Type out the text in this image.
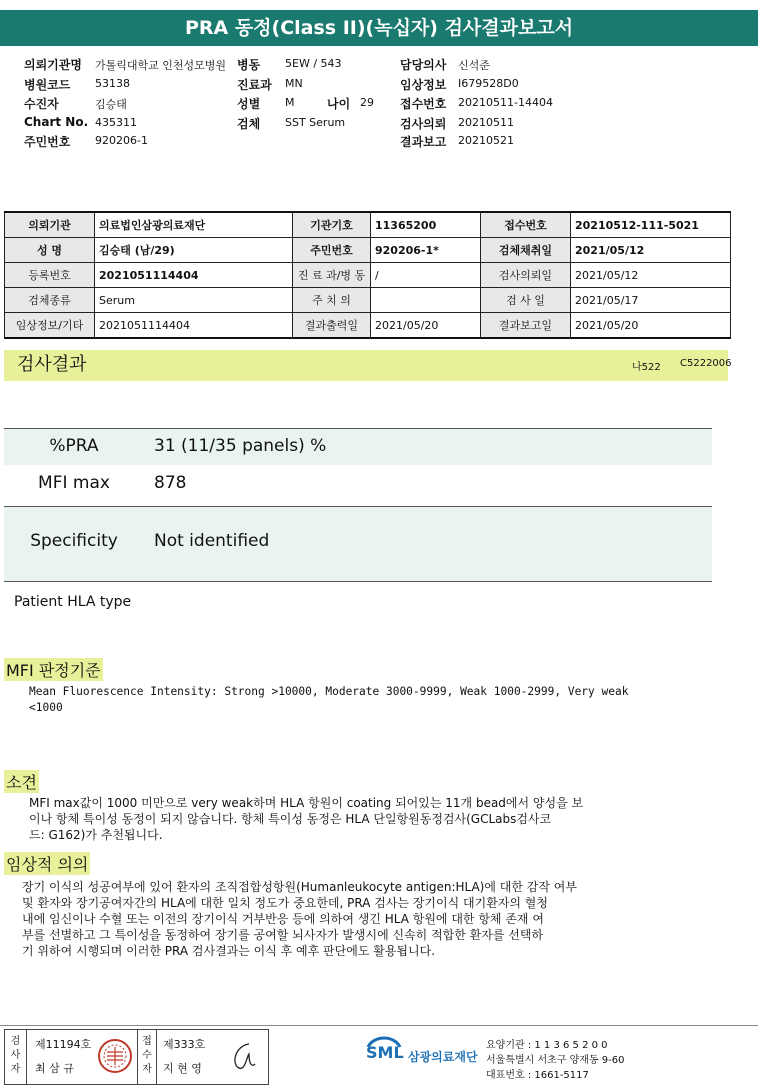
PRA 동정(Class II)(녹십자) 검사결과보고서
의뢰기관명 가톨릭대학교 인천성모병원
병원코드 53138
수진자	김승태
Chart No. 435311
주민번호 920206-1
병동 5EW / 543
진료과 MN
성별 M	나이 29
검체 SST Serum
담당의사 신석준
임상정보 I679528D0
접수번호 20210511-14404
검사의뢰 20210511
결과보고 20210521
의뢰기관	의료법인삼광의료재단	기관기호	11365200	접수번호	20210512-111-5021
성 명	김승태 (남/29)	주민번호	920206-1*	검체채취일	2021/05/12
등록번호	2021051114404	진 료 과/병 동	/	검사의뢰일	2021/05/12
검체종류	Serum	주 치 의		검 사 일	2021/05/17
임상정보/기타	2021051114404	결과출력일	2021/05/20	결과보고일	2021/05/20
검사결과	나522 C5222006
%PRA	31 (11/35 panels) %
MFI max	878
Specificity	Not identified
Patient HLA type
MFI 판정기준
Mean Fluorescence Intensity: Strong >10000, Moderate 3000-9999, Weak 1000-2999, Very weak
<1000
소견
MFI max값이 1000 미만으로 very weak하며 HLA 항원이 coating 되어있는 11개 bead에서 양성을 보
이나 항체 특이성 동정이 되지 않습니다. 항체 특이성 동정은 HLA 단일항원동정검사(GCLabs검사코
드: G162)가 추천됩니다.
임상적 의의
장기 이식의 성공여부에 있어 환자의 조직접합성항원(Humanleukocyte antigen:HLA)에 대한 감작 여부
및 환자와 장기공여자간의 HLA에 대한 일치 정도가 중요한데, PRA 검사는 장기이식 대기환자의 혈청
내에 임신이나 수혈 또는 이전의 장기이식 거부반응 등에 의하여 생긴 HLA 항원에 대한 항체 존재 여
부를 선별하고 그 특이성을 동정하여 장기를 공여할 뇌사자가 발생시에 신속히 적합한 환자를 선택하
기 위하여 시행되며 이러한 PRA 검사결과는 이식 후 예후 판단에도 활용됩니다.
검사자
제11194호
최 삼 규
접수자
제333호
지 현 영
SML 삼광의료재단
요양기관 : 1 1 3 6 5 2 0 0
서울특별시 서초구 양재동 9-60
대표번호 : 1661-5117
